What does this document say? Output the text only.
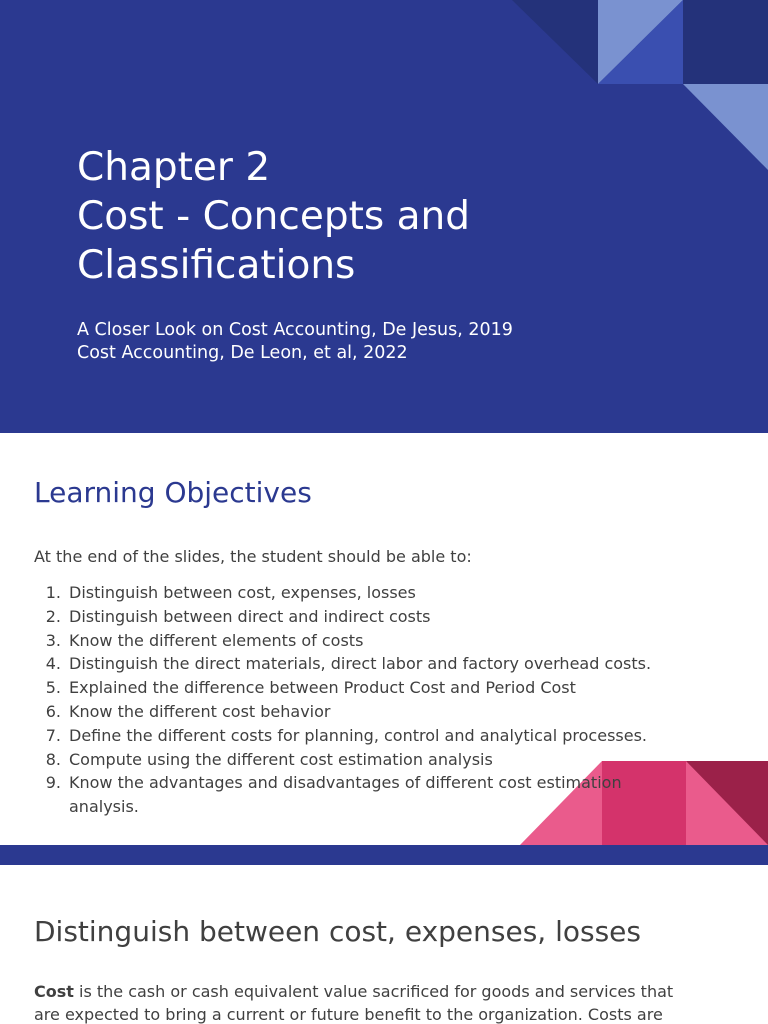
Chapter 2
Cost - Concepts and
Classifications
A Closer Look on Cost Accounting, De Jesus, 2019
Cost Accounting, De Leon, et al, 2022
Learning Objectives
At the end of the slides, the student should be able to:
1. Distinguish between cost, expenses, losses
2. Distinguish between direct and indirect costs
3. Know the different elements of costs
4. Distinguish the direct materials, direct labor and factory overhead costs.
5. Explained the difference between Product Cost and Period Cost
6. Know the different cost behavior
7. Define the different costs for planning, control and analytical processes.
8. Compute using the different cost estimation analysis
9. Know the advantages and disadvantages of different cost estimation
analysis.
Distinguish between cost, expenses, losses
Cost is the cash or cash equivalent value sacrificed for goods and services that
are expected to bring a current or future benefit to the organization. Costs are
